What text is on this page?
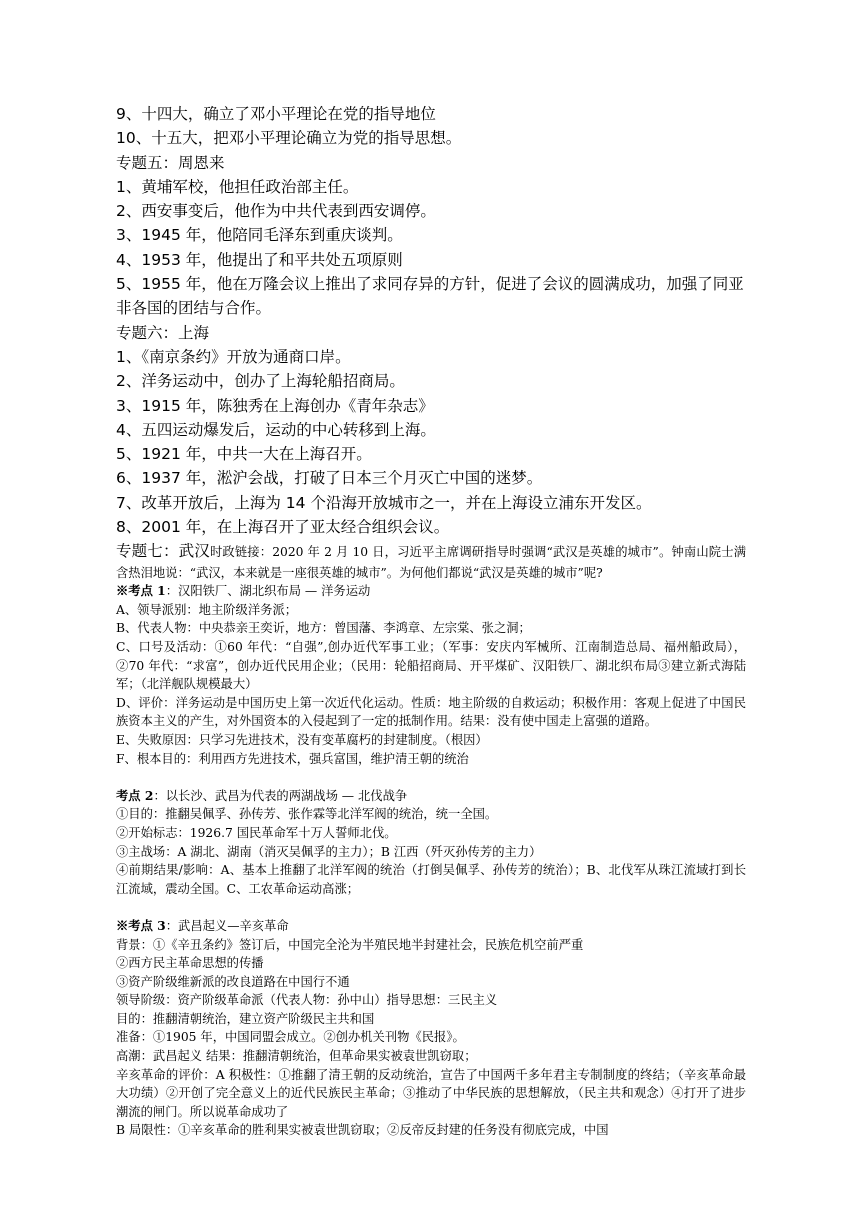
9、十四大，确立了邓小平理论在党的指导地位

10、十五大，把邓小平理论确立为党的指导思想。

专题五：周恩来

1、黄埔军校，他担任政治部主任。

2、西安事变后，他作为中共代表到西安调停。

3、1945 年，他陪同毛泽东到重庆谈判。

4、1953 年，他提出了和平共处五项原则

5、1955 年，他在万隆会议上推出了求同存异的方针，促进了会议的圆满成功，加强了同亚非各国的团结与合作。

专题六：上海

1、《南京条约》开放为通商口岸。

2、洋务运动中，创办了上海轮船招商局。

3、1915 年，陈独秀在上海创办《青年杂志》

4、五四运动爆发后，运动的中心转移到上海。

5、1921 年，中共一大在上海召开。

6、1937 年，淞沪会战，打破了日本三个月灭亡中国的迷梦。

7、改革开放后，上海为 14 个沿海开放城市之一，并在上海设立浦东开发区。

8、2001 年，在上海召开了亚太经合组织会议。

专题七：武汉时政链接：2020 年 2 月 10 日，习近平主席调研指导时强调“武汉是英雄的城市”。钟南山院士满含热泪地说：“武汉，本来就是一座很英雄的城市”。为何他们都说“武汉是英雄的城市”呢?

※考点 1：汉阳铁厂、湖北织布局 — 洋务运动

A、领导派别：地主阶级洋务派；

B、代表人物：中央恭亲王奕䜣，地方：曾国藩、李鸿章、左宗棠、张之洞；

C、口号及活动：①60 年代：“自强”,创办近代军事工业；（军事：安庆内军械所、江南制造总局、福州船政局），②70 年代：“求富”，创办近代民用企业；（民用：轮船招商局、开平煤矿、汉阳铁厂、湖北织布局③建立新式海陆军；（北洋舰队规模最大）

D、评价：洋务运动是中国历史上第一次近代化运动。性质：地主阶级的自救运动；积极作用：客观上促进了中国民族资本主义的产生，对外国资本的入侵起到了一定的抵制作用。结果：没有使中国走上富强的道路。

E、失败原因：只学习先进技术，没有变革腐朽的封建制度。（根因）

F、根本目的：利用西方先进技术，强兵富国，维护清王朝的统治

考点 2：以长沙、武昌为代表的两湖战场 — 北伐战争

①目的：推翻吴佩孚、孙传芳、张作霖等北洋军阀的统治，统一全国。

②开始标志：1926.7 国民革命军十万人誓师北伐。

③主战场：A 湖北、湖南（消灭吴佩孚的主力）；B 江西（歼灭孙传芳的主力）

④前期结果/影响：A、基本上推翻了北洋军阀的统治（打倒吴佩孚、孙传芳的统治）；B、北伐军从珠江流域打到长江流域，震动全国。C、工农革命运动高涨；

※考点 3：武昌起义—辛亥革命

背景：①《辛丑条约》签订后，中国完全沦为半殖民地半封建社会，民族危机空前严重

②西方民主革命思想的传播

③资产阶级维新派的改良道路在中国行不通

领导阶级：资产阶级革命派（代表人物：孙中山）指导思想：三民主义

目的：推翻清朝统治，建立资产阶级民主共和国

准备：①1905 年，中国同盟会成立。②创办机关刊物《民报》。

高潮：武昌起义 结果：推翻清朝统治，但革命果实被袁世凯窃取；

辛亥革命的评价：A 积极性：①推翻了清王朝的反动统治，宣告了中国两千多年君主专制制度的终结；（辛亥革命最大功绩）②开创了完全意义上的近代民族民主革命；③推动了中华民族的思想解放，（民主共和观念）④打开了进步潮流的闸门。所以说革命成功了

B 局限性：①辛亥革命的胜利果实被袁世凯窃取；②反帝反封建的任务没有彻底完成，中国
